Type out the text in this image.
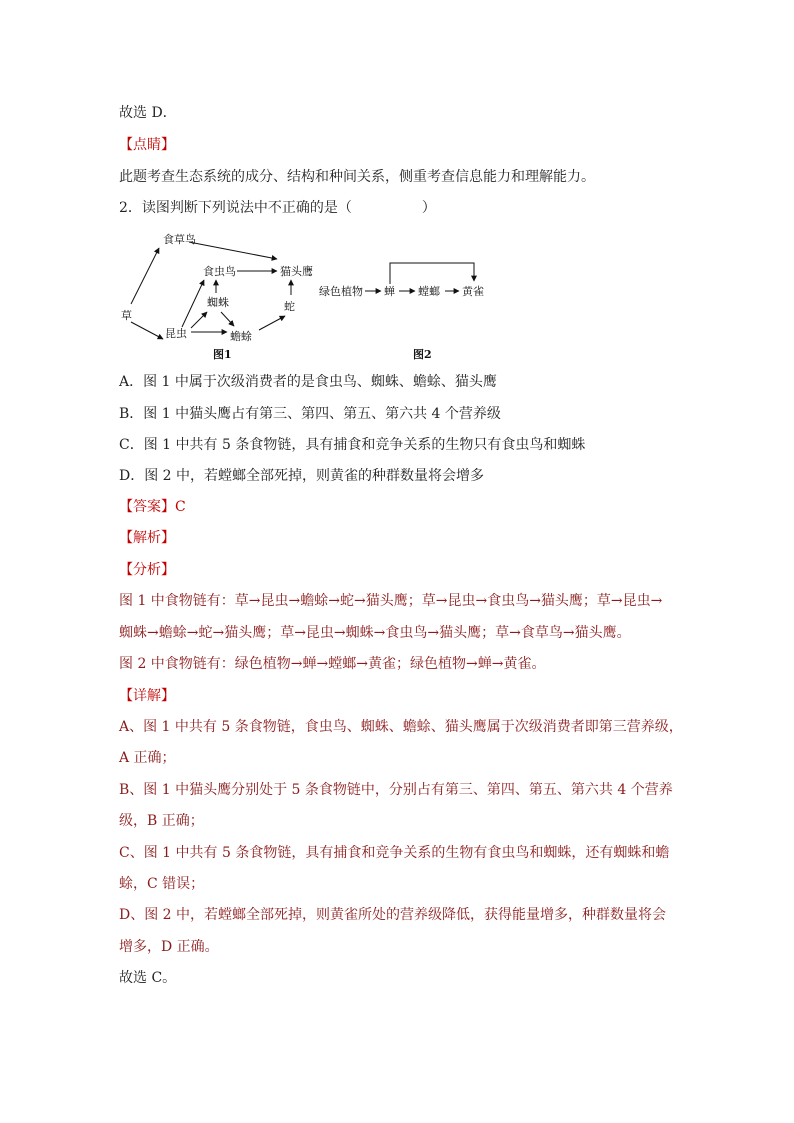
故选 D．
【点睛】
此题考查生态系统的成分、结构和种间关系，侧重考查信息能力和理解能力。
2．读图判断下列说法中不正确的是（　　　　　）
草
食草鸟
食虫鸟	猫头鹰
蜘蛛	蛇
昆虫	蟾蜍
图1
绿色植物 蝉 螳螂 黄雀
图2
A．图 1 中属于次级消费者的是食虫鸟、蜘蛛、蟾蜍、猫头鹰
B．图 1 中猫头鹰占有第三、第四、第五、第六共 4 个营养级
C．图 1 中共有 5 条食物链，具有捕食和竞争关系的生物只有食虫鸟和蜘蛛
D．图 2 中，若螳螂全部死掉，则黄雀的种群数量将会增多
【答案】C
【解析】
【分析】
图 1 中食物链有：草→昆虫→蟾蜍→蛇→猫头鹰；草→昆虫→食虫鸟→猫头鹰；草→昆虫→
蜘蛛→蟾蜍→蛇→猫头鹰；草→昆虫→蜘蛛→食虫鸟→猫头鹰；草→食草鸟→猫头鹰。
图 2 中食物链有：绿色植物→蝉→螳螂→黄雀；绿色植物→蝉→黄雀。
【详解】
A、图 1 中共有 5 条食物链，食虫鸟、蜘蛛、蟾蜍、猫头鹰属于次级消费者即第三营养级，
A 正确；
B、图 1 中猫头鹰分别处于 5 条食物链中，分别占有第三、第四、第五、第六共 4 个营养
级，B 正确；
C、图 1 中共有 5 条食物链，具有捕食和竞争关系的生物有食虫鸟和蜘蛛，还有蜘蛛和蟾
蜍，C 错误；
D、图 2 中，若螳螂全部死掉，则黄雀所处的营养级降低，获得能量增多，种群数量将会
增多，D 正确。
故选 C。
